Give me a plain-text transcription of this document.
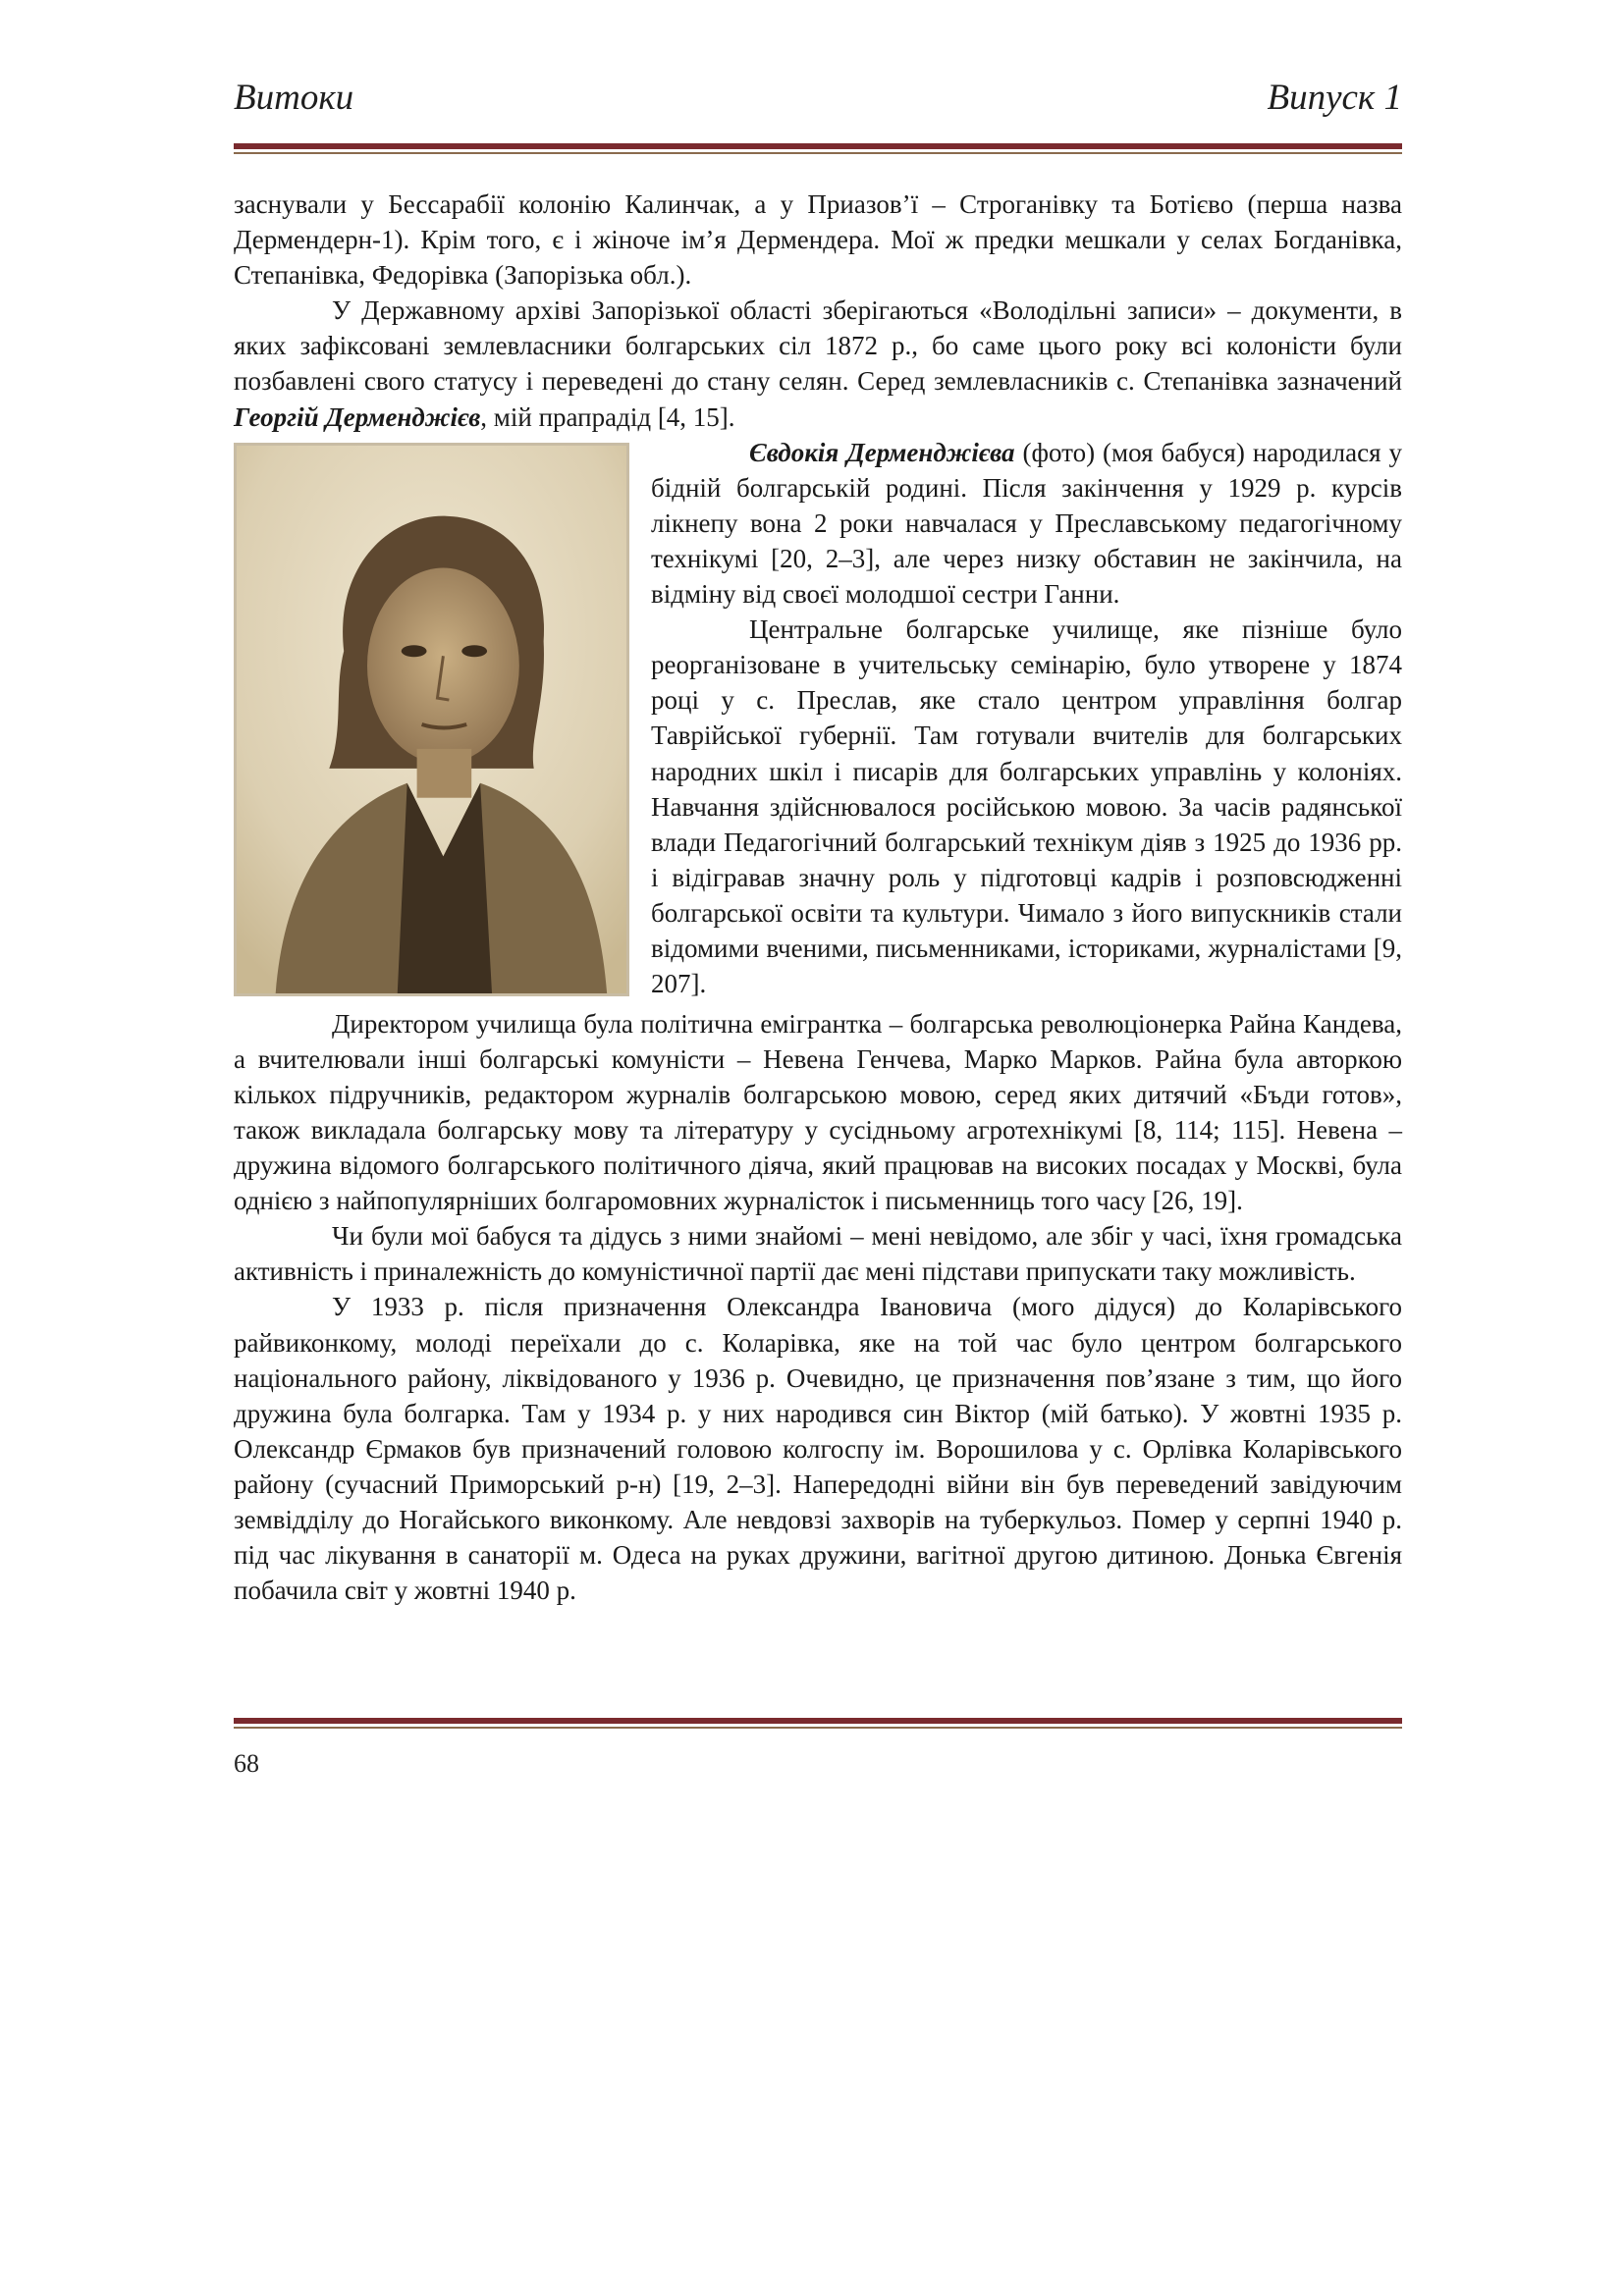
Витоки	Випуск 1

заснували у Бессарабії колонію Калинчак, а у Приазов’ї – Строганівку та Ботієво (перша назва Дермендерн-1). Крім того, є і жіноче ім’я Дермендера. Мої ж предки мешкали у селах Богданівка, Степанівка, Федорівка (Запорізька обл.).

У Державному архіві Запорізької області зберігаються «Володільні записи» – документи, в яких зафіксовані землевласники болгарських сіл 1872 р., бо саме цього року всі колоністи були позбавлені свого статусу і переведені до стану селян. Серед землевласників с. Степанівка зазначений Георгій Дерменджієв, мій прапрадід [4, 15].

Євдокія Дерменджієва (фото) (моя бабуся) народилася у бідній болгарській родині. Після закінчення у 1929 р. курсів лікнепу вона 2 роки навчалася у Преславському педагогічному технікумі [20, 2–3], але через низку обставин не закінчила, на відміну від своєї молодшої сестри Ганни.

Центральне болгарське училище, яке пізніше було реорганізоване в учительську семінарію, було утворене у 1874 році у с. Преслав, яке стало центром управління болгар Таврійської губернії. Там готували вчителів для болгарських народних шкіл і писарів для болгарських управлінь у колоніях. Навчання здійснювалося російською мовою. За часів радянської влади Педагогічний болгарський технікум діяв з 1925 до 1936 рр. і відігравав значну роль у підготовці кадрів і розповсюдженні болгарської освіти та культури. Чимало з його випускників стали відомими вченими, письменниками, істориками, журналістами [9, 207].

Директором училища була політична емігрантка – болгарська революціонерка Райна Кандева, а вчителювали інші болгарські комуністи – Невена Генчева, Марко Марков. Райна була авторкою кількох підручників, редактором журналів болгарською мовою, серед яких дитячий «Бъди готов», також викладала болгарську мову та літературу у сусідньому агротехнікумі [8, 114; 115]. Невена – дружина відомого болгарського політичного діяча, який працював на високих посадах у Москві, була однією з найпопулярніших болгаромовних журналісток і письменниць того часу [26, 19].

Чи були мої бабуся та дідусь з ними знайомі – мені невідомо, але збіг у часі, їхня громадська активність і приналежність до комуністичної партії дає мені підстави припускати таку можливість.

У 1933 р. після призначення Олександра Івановича (мого дідуся) до Коларівського райвиконкому, молоді переїхали до с. Коларівка, яке на той час було центром болгарського національного району, ліквідованого у 1936 р. Очевидно, це призначення пов’язане з тим, що його дружина була болгарка. Там у 1934 р. у них народився син Віктор (мій батько). У жовтні 1935 р. Олександр Єрмаков був призначений головою колгоспу ім. Ворошилова у с. Орлівка Коларівського району (сучасний Приморський р-н) [19, 2–3]. Напередодні війни він був переведений завідуючим земвідділу до Ногайського виконкому. Але невдовзі захворів на туберкульоз. Помер у серпні 1940 р. під час лікування в санаторії м. Одеса на руках дружини, вагітної другою дитиною. Донька Євгенія побачила світ у жовтні 1940 р.

68
